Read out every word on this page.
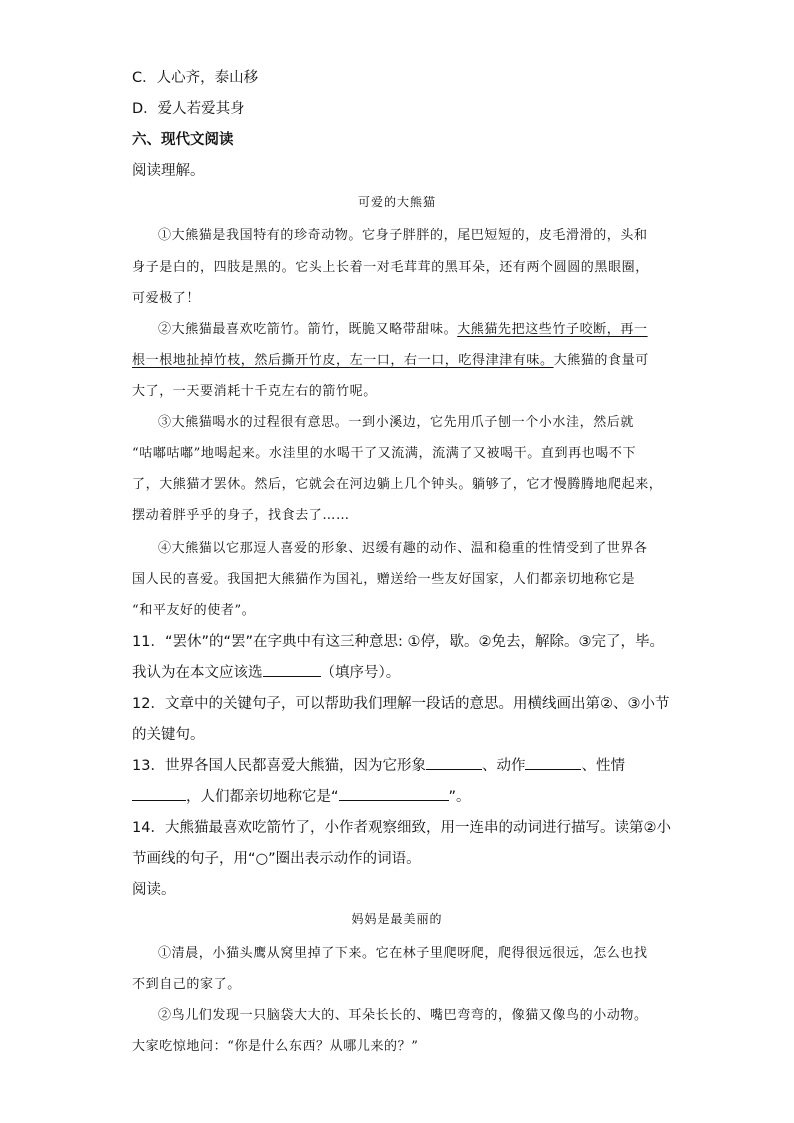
C．人心齐，泰山移
D．爱人若爱其身
六、现代文阅读
阅读理解。
可爱的大熊猫
①大熊猫是我国特有的珍奇动物。它身子胖胖的，尾巴短短的，皮毛滑滑的，头和
身子是白的，四肢是黑的。它头上长着一对毛茸茸的黑耳朵，还有两个圆圆的黑眼圈，
可爱极了！
②大熊猫最喜欢吃箭竹。箭竹，既脆又略带甜味。大熊猫先把这些竹子咬断，再一
根一根地扯掉竹枝，然后撕开竹皮，左一口，右一口，吃得津津有味。大熊猫的食量可
大了，一天要消耗十千克左右的箭竹呢。
③大熊猫喝水的过程很有意思。一到小溪边，它先用爪子刨一个小水洼，然后就
“咕嘟咕嘟”地喝起来。水洼里的水喝干了又流满，流满了又被喝干。直到再也喝不下
了，大熊猫才罢休。然后，它就会在河边躺上几个钟头。躺够了，它才慢腾腾地爬起来，
摆动着胖乎乎的身子，找食去了……
④大熊猫以它那逗人喜爱的形象、迟缓有趣的动作、温和稳重的性情受到了世界各
国人民的喜爱。我国把大熊猫作为国礼，赠送给一些友好国家，人们都亲切地称它是
“和平友好的使者”。
11．“罢休”的“罢”在字典中有这三种意思: ①停，歇。②免去，解除。③完了，毕。
我认为在本文应该选	（填序号）。
12．文章中的关键句子，可以帮助我们理解一段话的意思。用横线画出第②、③小节
的关键句。
13．世界各国人民都喜爱大熊猫，因为它形象	、动作	、性情
，人们都亲切地称它是“	”。
14．大熊猫最喜欢吃箭竹了，小作者观察细致，用一连串的动词进行描写。读第②小
节画线的句子，用“○”圈出表示动作的词语。
阅读。
妈妈是最美丽的
①清晨，小猫头鹰从窝里掉了下来。它在林子里爬呀爬，爬得很远很远，怎么也找
不到自己的家了。
②鸟儿们发现一只脑袋大大的、耳朵长长的、嘴巴弯弯的，像猫又像鸟的小动物。
大家吃惊地问：“你是什么东西？从哪儿来的？”
